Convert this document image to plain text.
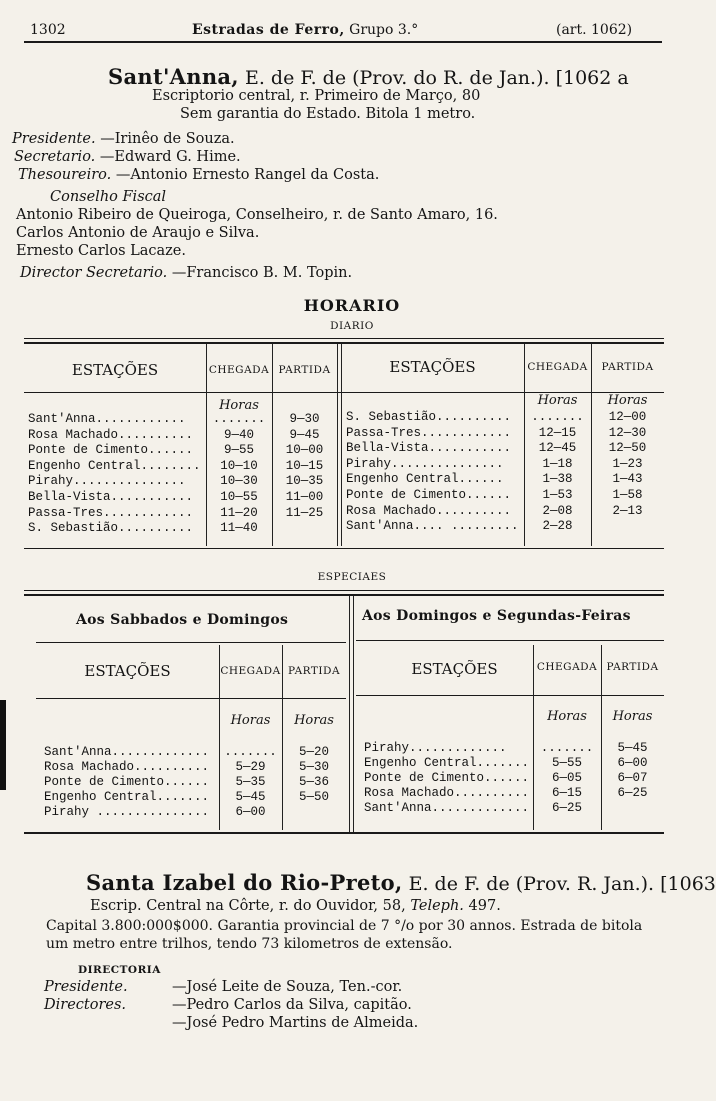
1302	Estradas de Ferro, Grupo 3.°	(art. 1062)
Sant'Anna, E. de F. de (Prov. do R. de Jan.). [1062 a
Escriptorio central, r. Primeiro de Março, 80
Sem garantia do Estado. Bitola 1 metro.
Presidente. —Irinêo de Souza.
Secretario. —Edward G. Hime.
Thesoureiro. —Antonio Ernesto Rangel da Costa.
Conselho Fiscal
Antonio Ribeiro de Queiroga, Conselheiro, r. de Santo Amaro, 16.
Carlos Antonio de Araujo e Silva.
Ernesto Carlos Lacaze.
Director Secretario. —Francisco B. M. Topin.
HORARIO
DIARIO
ESTAÇÕES	CHEGADA PARTIDA	ESTAÇÕES	CHEGADA	PARTIDA
Horas	Horas	Horas
Sant'Anna............	.......	9—30
Rosa Machado..........	9—40	9—45
Ponte de Cimento......	9—55	10—00
Engenho Central........	10—10	10—15
Pirahy...............	10—30	10—35
Bella-Vista...........	10—55	11—00
Passa-Tres............	11—20	11—25
S. Sebastião..........	11—40
S. Sebastião..........	.......	12—00
Passa-Tres............	12—15	12—30
Bella-Vista...........	12—45	12—50
Pirahy...............	1—18	1—23
Engenho Central......	1—38	1—43
Ponte de Cimento......	1—53	1—58
Rosa Machado..........	2—08	2—13
Sant'Anna.... .........	2—28
ESPECIAES
Aos Sabbados e Domingos	Aos Domingos e Segundas-Feiras
ESTAÇÕES	CHEGADA PARTIDA	ESTAÇÕES	CHEGADA PARTIDA
Horas	Horas	Horas	Horas
Sant'Anna.............	.......	5—20
Rosa Machado..........	5—29	5—30
Ponte de Cimento......	5—35	5—36
Engenho Central.......	5—45	5—50
Pirahy ...............	6—00
Pirahy.............	.......	5—45
Engenho Central.......	5—55	6—00
Ponte de Cimento......	6—05	6—07
Rosa Machado..........	6—15	6—25
Sant'Anna.............	6—25
Santa Izabel do Rio-Preto, E. de F. de (Prov. R. Jan.). [1063
Escrip. Central na Côrte, r. do Ouvidor, 58, Teleph. 497.
Capital 3.800:000$000. Garantia provincial de 7 °/o por 30 annos. Estrada de bitola
um metro entre trilhos, tendo 73 kilometros de extensão.
DIRECTORIA
Presidente.	—José Leite de Souza, Ten.-cor.
Directores.	—Pedro Carlos da Silva, capitão.
—José Pedro Martins de Almeida.
